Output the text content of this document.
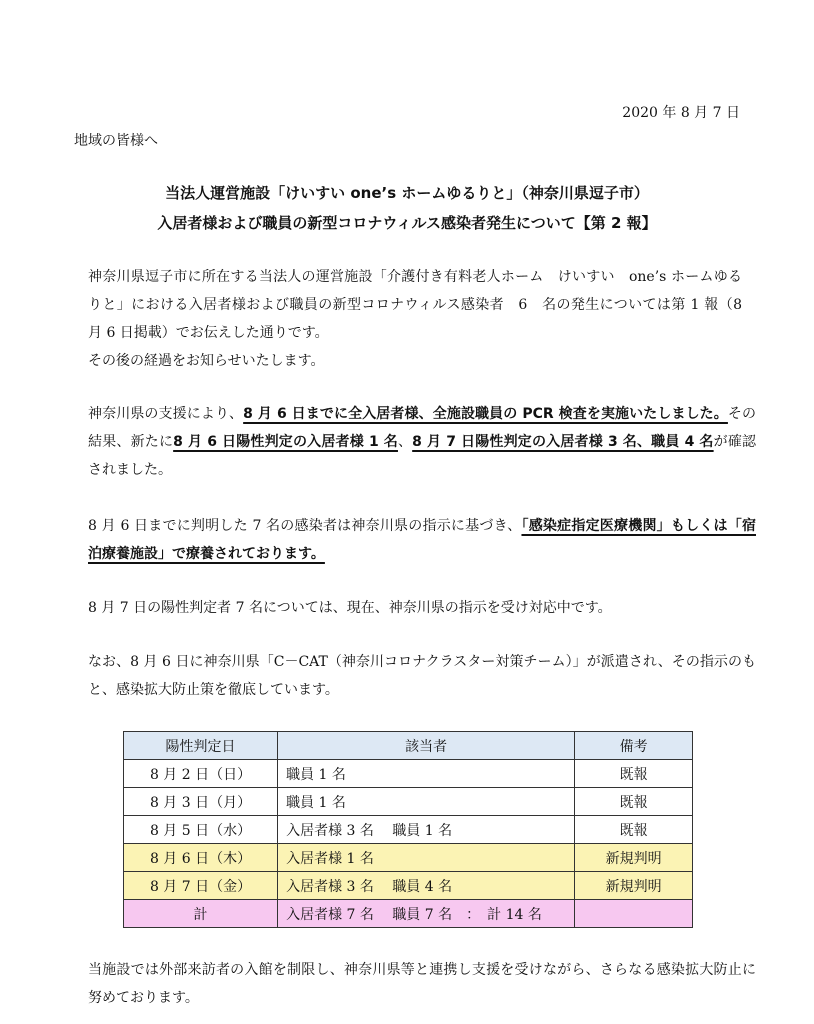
2020 年 8 月 7 日
地域の皆様へ
当法人運営施設「けいすい one’s ホームゆるりと」（神奈川県逗子市）
入居者様および職員の新型コロナウィルス感染者発生について【第 2 報】
神奈川県逗子市に所在する当法人の運営施設「介護付き有料老人ホーム　けいすい　one’s ホームゆるりと」における入居者様および職員の新型コロナウィルス感染者　6　名の発生については第 1 報（8 月 6 日掲載）でお伝えした通りです。
その後の経過をお知らせいたします。
神奈川県の支援により、8 月 6 日までに全入居者様、全施設職員の PCR 検査を実施いたしました。その結果、新たに8 月 6 日陽性判定の入居者様 1 名、8 月 7 日陽性判定の入居者様 3 名、職員 4 名が確認されました。
8 月 6 日までに判明した 7 名の感染者は神奈川県の指示に基づき、「感染症指定医療機関」もしくは「宿泊療養施設」で療養されております。
8 月 7 日の陽性判定者 7 名については、現在、神奈川県の指示を受け対応中です。
なお、8 月 6 日に神奈川県「C－CAT（神奈川コロナクラスター対策チーム）」が派遣され、その指示のもと、感染拡大防止策を徹底しています。
陽性判定日	該当者	備考
8 月 2 日（日）	職員 1 名	既報
8 月 3 日（月）	職員 1 名	既報
8 月 5 日（水）	入居者様 3 名　 職員 1 名	既報
8 月 6 日（木）	入居者様 1 名	新規判明
8 月 7 日（金）	入居者様 3 名　 職員 4 名	新規判明
計	入居者様 7 名　 職員 7 名　：　計 14 名	
当施設では外部来訪者の入館を制限し、神奈川県等と連携し支援を受けながら、さらなる感染拡大防止に努めております。
